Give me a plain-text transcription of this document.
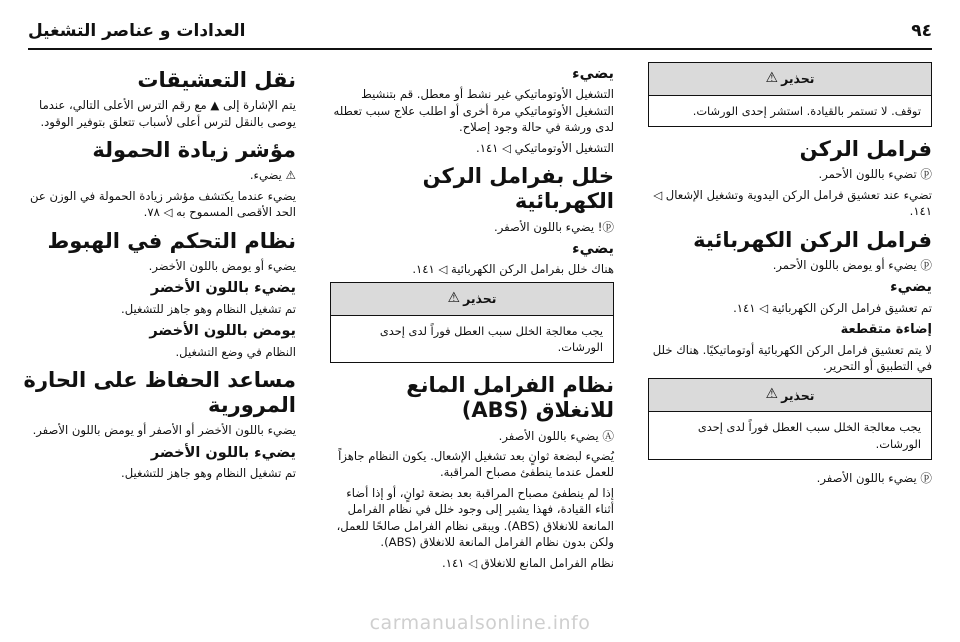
٩٤
العدادات و عناصر التشغيل
تحذير
⚠
توقف. لا تستمر بالقيادة. استشر إحدى الورشات.
فرامل الركن

ⓟ تضيء باللون الأحمر.

تضيء عند تعشيق فرامل الركن اليدوية وتشغيل الإشعال ◁ ١٤١.

فرامل الركن الكهربائية

ⓟ يضيء أو يومض باللون الأحمر.

يضيء

تم تعشيق فرامل الركن الكهربائية ◁ ١٤١.

إضاءة متقطعة

لا يتم تعشيق فرامل الركن الكهربائية أوتوماتيكيًا. هناك خلل في التطبيق أو التحرير.

تحذير
⚠
يجب معالجة الخلل سبب العطل فوراً لدى إحدى الورشات.

ⓟ يضيء باللون الأصفر.

يضيء

التشغيل الأوتوماتيكي غير نشط أو معطل. قم بتنشيط التشغيل الأوتوماتيكي مرة أخرى أو اطلب علاج سبب تعطله لدى ورشة في حالة وجود إصلاح.

التشغيل الأوتوماتيكي ◁ ١٤١.

خلل بفرامل الركن الكهربائية

ⓟ! يضيء باللون الأصفر.

يضيء

هناك خلل بفرامل الركن الكهربائية ◁ ١٤١.

تحذير
⚠
يجب معالجة الخلل سبب العطل فوراً لدى إحدى الورشات.
نظام الفرامل المانع للانغلاق (ABS)

Ⓐ يضيء باللون الأصفر.

يُضيء لبضعة ثوانٍ بعد تشغيل الإشعال. يكون النظام جاهزاً للعمل عندما ينطفئ مصباح المراقبة.

إذا لم ينطفئ مصباح المراقبة بعد بضعة ثوانٍ، أو إذا أضاء أثناء القيادة، فهذا يشير إلى وجود خلل في نظام الفرامل المانعة للانغلاق (ABS). ويبقى نظام الفرامل صالحًا للعمل، ولكن بدون نظام الفرامل المانعة للانغلاق (ABS).

نظام الفرامل المانع للانغلاق ◁ ١٤١.

نقل التعشيقات

يتم الإشارة إلى ▲ مع رقم الترس الأعلى التالي، عندما يوصى بالنقل لترس أعلى لأسباب تتعلق بتوفير الوقود.

مؤشر زيادة الحمولة

⚠ يضيء.

يضيء عندما يكتشف مؤشر زيادة الحمولة في الوزن عن الحد الأقصى المسموح به ◁ ٧٨.

نظام التحكم في الهبوط

يضيء أو يومض باللون الأخضر.

يضيء باللون الأخضر

تم تشغيل النظام وهو جاهز للتشغيل.

يومض باللون الأخضر

النظام في وضع التشغيل.

مساعد الحفاظ على الحارة المرورية

يضيء باللون الأخضر أو الأصفر أو يومض باللون الأصفر.

يضيء باللون الأخضر

تم تشغيل النظام وهو جاهز للتشغيل.

carmanualsonline.info
